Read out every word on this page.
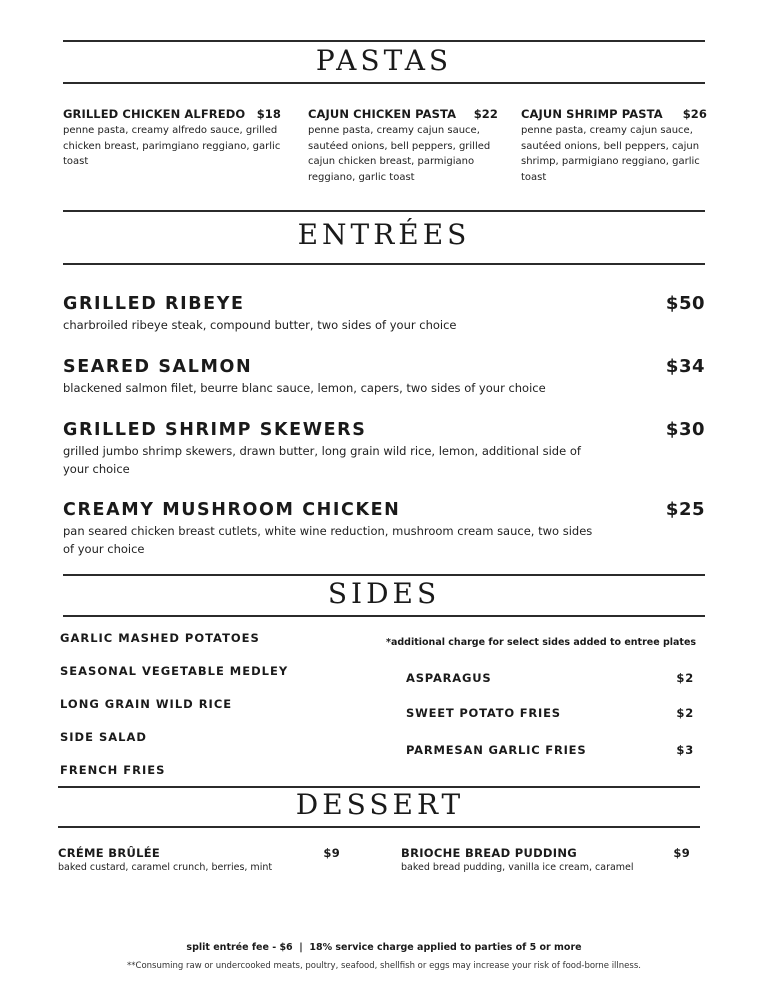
PASTAS
GRILLED CHICKEN ALFREDO $18
penne pasta, creamy alfredo sauce, grilled chicken breast, parimgiano reggiano, garlic toast
CAJUN CHICKEN PASTA $22
penne pasta, creamy cajun sauce, sautéed onions, bell peppers, grilled cajun chicken breast, parmigiano reggiano, garlic toast
CAJUN SHRIMP PASTA $26
penne pasta, creamy cajun sauce, sautéed onions, bell peppers, cajun shrimp, parmigiano reggiano, garlic toast
ENTRÉES
GRILLED RIBEYE	$50
charbroiled ribeye steak, compound butter, two sides of your choice
SEARED SALMON	$34
blackened salmon filet, beurre blanc sauce, lemon, capers, two sides of your choice
GRILLED SHRIMP SKEWERS	$30
grilled jumbo shrimp skewers, drawn butter, long grain wild rice, lemon, additional side of your choice
CREAMY MUSHROOM CHICKEN	$25
pan seared chicken breast cutlets, white wine reduction, mushroom cream sauce, two sides of your choice
SIDES
GARLIC MASHED POTATOES
SEASONAL VEGETABLE MEDLEY
LONG GRAIN WILD RICE
SIDE SALAD
FRENCH FRIES
*additional charge for select sides added to entree plates
ASPARAGUS	$2
SWEET POTATO FRIES	$2
PARMESAN GARLIC FRIES	$3
DESSERT
CRÉME BRÛLÉE	$9
baked custard, caramel crunch, berries, mint
BRIOCHE BREAD PUDDING	$9
baked bread pudding, vanilla ice cream, caramel
split entrée fee - $6  |  18% service charge applied to parties of 5 or more
**Consuming raw or undercooked meats, poultry, seafood, shellfish or eggs may increase your risk of food-borne illness.
